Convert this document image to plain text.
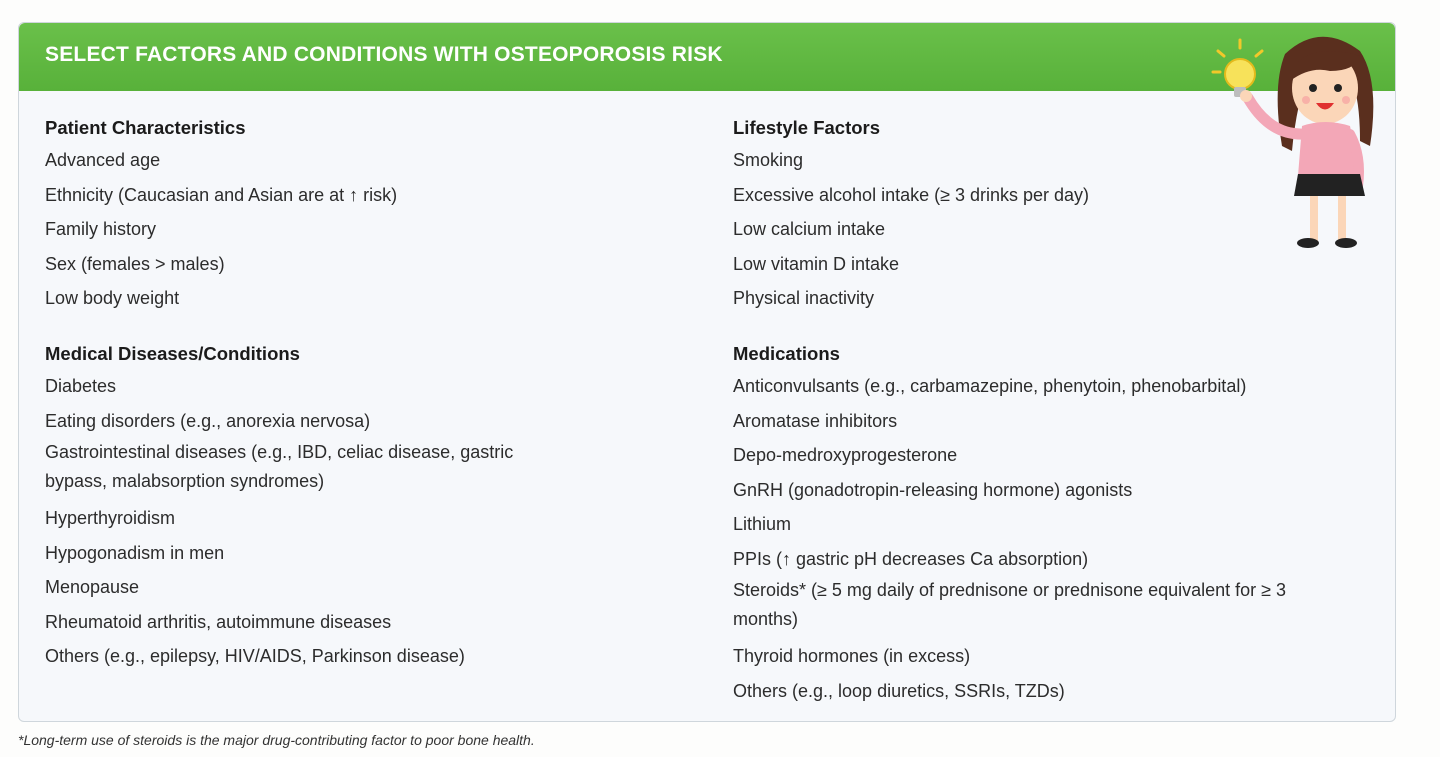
SELECT FACTORS AND CONDITIONS WITH OSTEOPOROSIS RISK
Patient Characteristics
Advanced age
Ethnicity (Caucasian and Asian are at ↑ risk)
Family history
Sex (females > males)
Low body weight
Medical Diseases/Conditions
Diabetes
Eating disorders (e.g., anorexia nervosa)
Gastrointestinal diseases (e.g., IBD, celiac disease, gastric bypass, malabsorption syndromes)
Hyperthyroidism
Hypogonadism in men
Menopause
Rheumatoid arthritis, autoimmune diseases
Others (e.g., epilepsy, HIV/AIDS, Parkinson disease)
Lifestyle Factors
Smoking
Excessive alcohol intake (≥ 3 drinks per day)
Low calcium intake
Low vitamin D intake
Physical inactivity
Medications
Anticonvulsants (e.g., carbamazepine, phenytoin, phenobarbital)
Aromatase inhibitors
Depo-medroxyprogesterone
GnRH (gonadotropin-releasing hormone) agonists
Lithium
PPIs (↑ gastric pH decreases Ca absorption)
Steroids* (≥ 5 mg daily of prednisone or prednisone equivalent for ≥ 3 months)
Thyroid hormones (in excess)
Others (e.g., loop diuretics, SSRIs, TZDs)
*Long-term use of steroids is the major drug-contributing factor to poor bone health.
